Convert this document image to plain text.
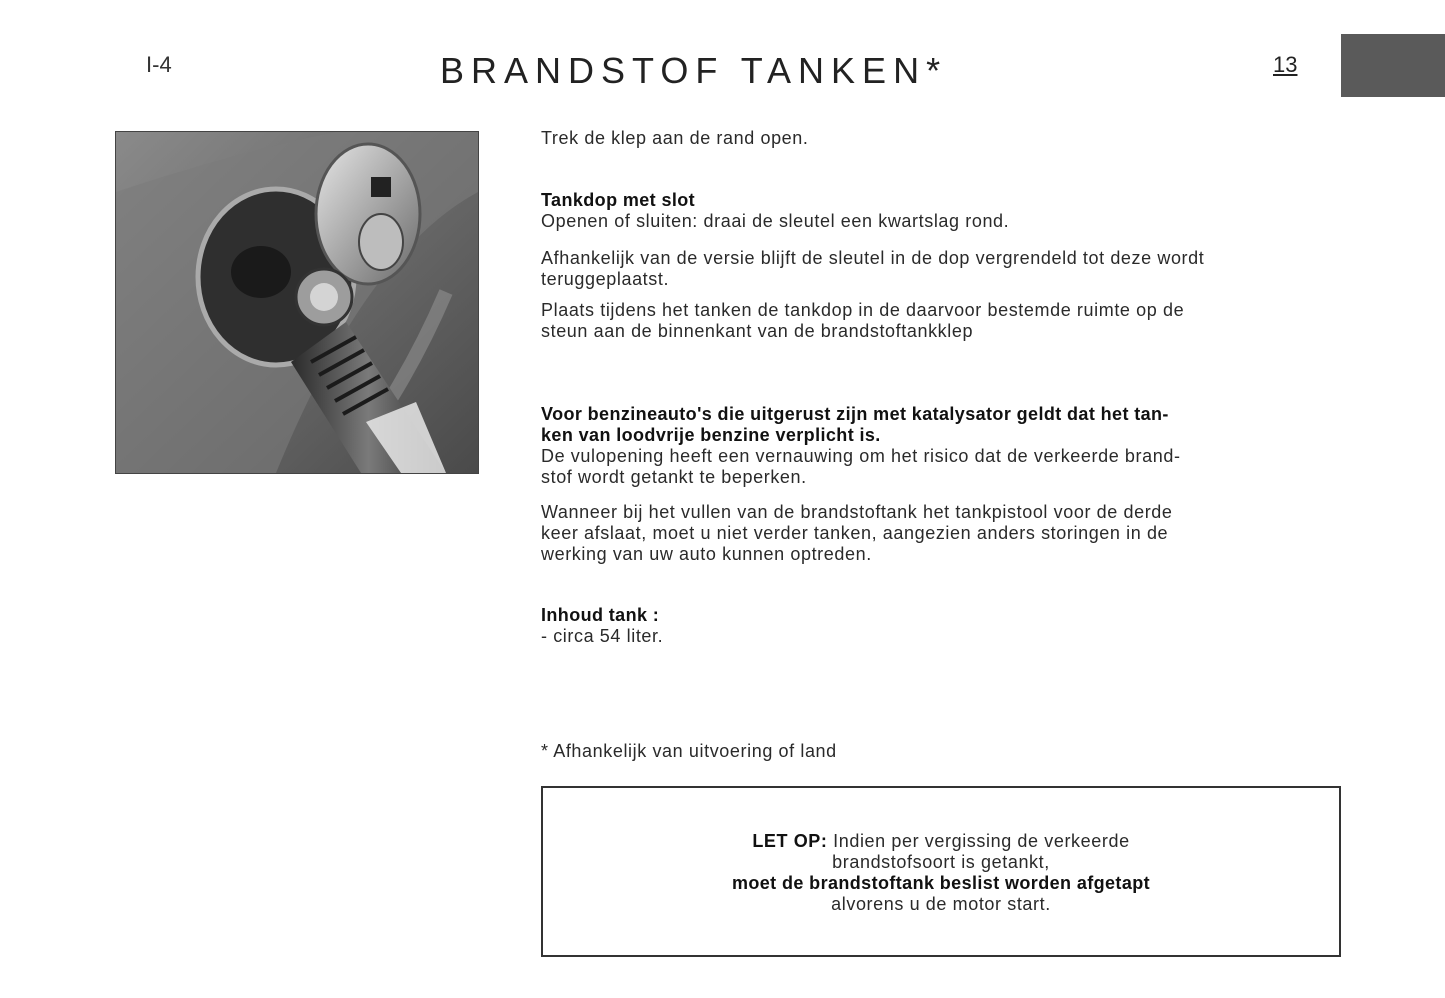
I-4	BRANDSTOF TANKEN*	13

Trek de klep aan de rand open.

Tankdop met slot

Openen of sluiten: draai de sleutel een kwartslag rond.

Afhankelijk van de versie blijft de sleutel in de dop vergrendeld tot deze wordt

teruggeplaatst.

Plaats tijdens het tanken de tankdop in de daarvoor bestemde ruimte op de

steun aan de binnenkant van de brandstoftankklep

Voor benzineauto's die uitgerust zijn met katalysator geldt dat het tan-

ken van loodvrije benzine verplicht is.

De vulopening heeft een vernauwing om het risico dat de verkeerde brand-

stof wordt getankt te beperken.

Wanneer bij het vullen van de brandstoftank het tankpistool voor de derde

keer afslaat, moet u niet verder tanken, aangezien anders storingen in de

werking van uw auto kunnen optreden.

Inhoud tank :

- circa 54 liter.

* Afhankelijk van uitvoering of land

LET OP: Indien per vergissing de verkeerde

brandstofsoort is getankt,

moet de brandstoftank beslist worden afgetapt

alvorens u de motor start.
